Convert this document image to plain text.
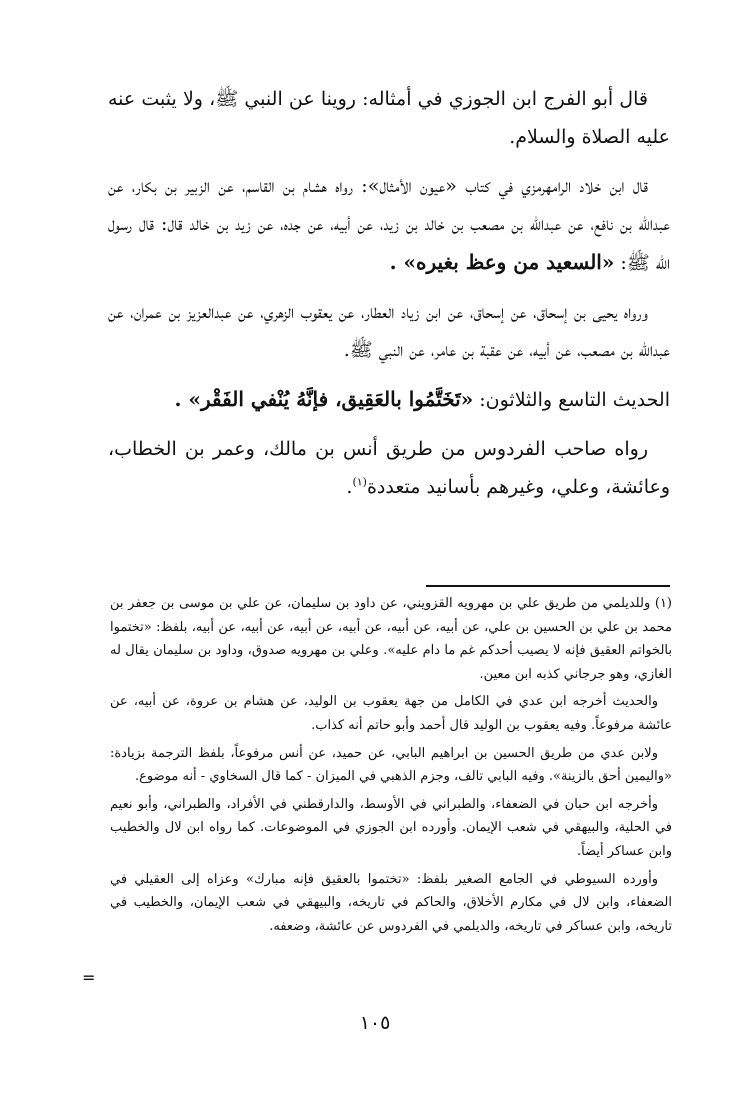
قال أبو الفرج ابن الجوزي في أمثاله: روينا عن النبي ﷺ، ولا يثبت عنه عليه الصلاة والسلام.

قال ابن خلاد الرامهرمزي في كتاب «عيون الأمثال»: رواه هشام بن القاسم، عن الزبير بن بكار، عن عبدالله بن نافع، عن عبدالله بن مصعب بن خالد بن زيد، عن أبيه، عن جده، عن زيد بن خالد قال: قال رسول الله ﷺ: «السعيد من وعظ بغيره» .

ورواه يحيى بن إسحاق، عن إسحاق، عن ابن زياد العطار، عن يعقوب الزهري، عن عبدالعزيز بن عمران، عن عبدالله بن مصعب، عن أبيه، عن عقبة بن عامر، عن النبي ﷺ.

الحديث التاسع والثلاثون: «تَخَتَّمُوا بالعَقِيق، فإنَّهُ يُنْفي الفَقْر» .

رواه صاحب الفردوس من طريق أنس بن مالك، وعمر بن الخطاب، وعائشة، وعلي، وغيرهم بأسانيد متعددة$^{(١)}$.

(١) وللديلمي من طريق علي بن مهرويه القزويني، عن داود بن سليمان، عن علي بن موسى بن جعفر بن محمد بن علي بن الحسين بن علي، عن أبيه، عن أبيه، عن أبيه، عن أبيه، عن أبيه، عن أبيه، بلفظ: «تختموا بالخواتم العقيق فإنه لا يصيب أحدكم غم ما دام عليه». وعلي بن مهرويه صدوق، وداود بن سليمان يقال له الغازي، وهو جرجاني كذبه ابن معين.

والحديث أخرجه ابن عدي في الكامل من جهة يعقوب بن الوليد، عن هشام بن عروة، عن أبيه، عن عائشة مرفوعاً. وفيه يعقوب بن الوليد قال أحمد وأبو حاتم أنه كذاب.

ولابن عدي من طريق الحسين بن ابراهيم البابي، عن حميد، عن أنس مرفوعاً، بلفظ الترجمة بزيادة: «واليمين أحق بالزينة». وفيه البابي تالف، وجزم الذهبي في الميزان - كما قال السخاوي - أنه موضوع.

وأخرجه ابن حبان في الضعفاء، والطبراني في الأوسط، والدارقطني في الأفراد، والطبراني، وأبو نعيم في الحلية، والبيهقي في شعب الإيمان. وأورده ابن الجوزي في الموضوعات. كما رواه ابن لال والخطيب وابن عساكر أيضاً.

وأورده السيوطي في الجامع الصغير بلفظ: «تختموا بالعقيق فإنه مبارك» وعزاه إلى العقيلي في الضعفاء، وابن لال في مكارم الأخلاق، والحاكم في تاريخه، والبيهقي في شعب الإيمان، والخطيب في تاريخه، وابن عساكر في تاريخه، والديلمي في الفردوس عن عائشة، وضعفه.

=
١٠٥
